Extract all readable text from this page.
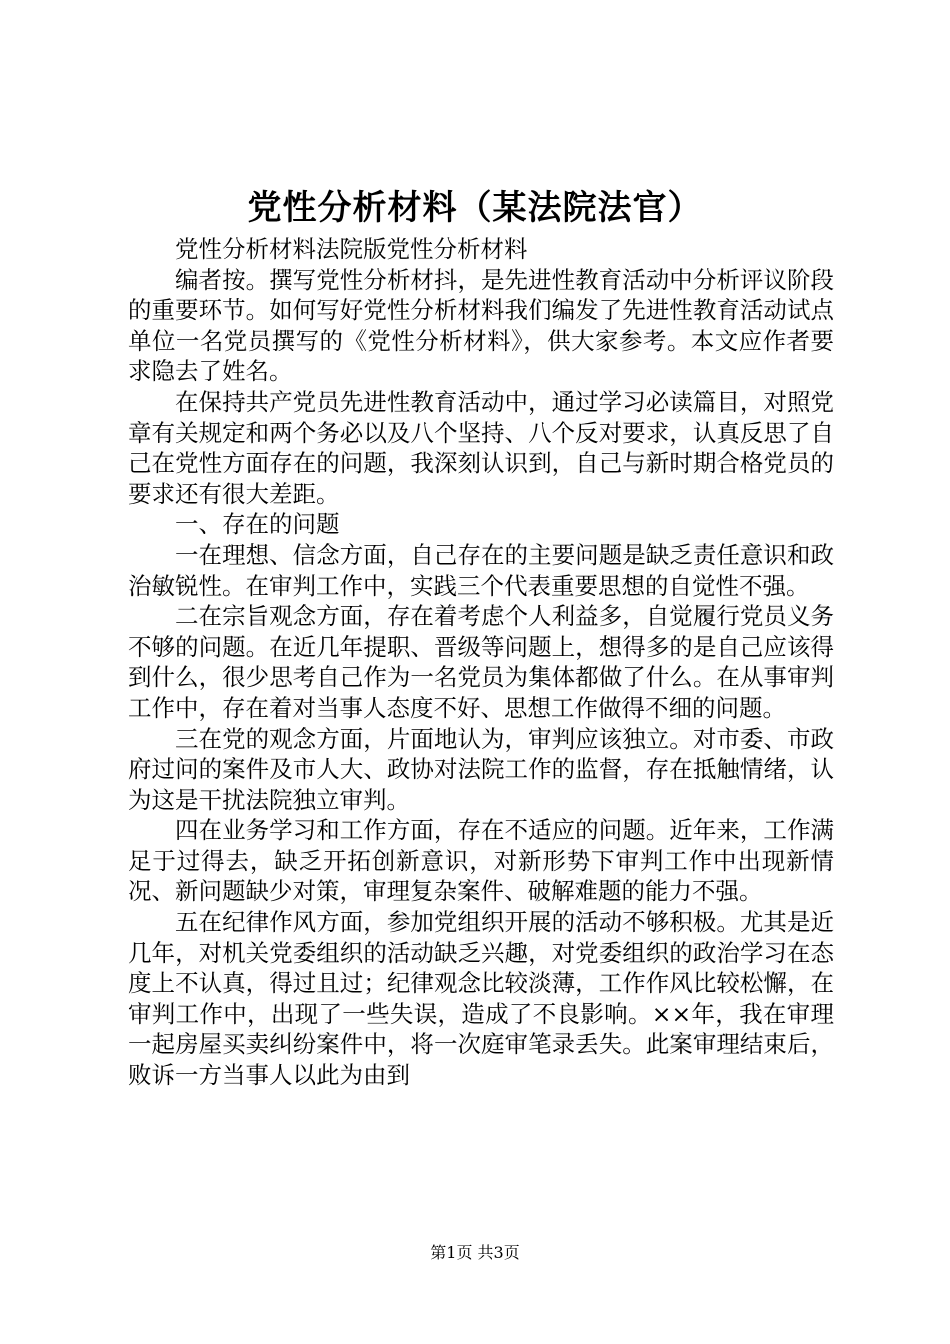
党性分析材料（某法院法官）

党性分析材料法院版党性分析材料

编者按。撰写党性分析材抖，是先进性教育活动中分析评议阶段的重要环节。如何写好党性分析材料我们编发了先进性教育活动试点单位一名党员撰写的《党性分析材料》，供大家参考。本文应作者要求隐去了姓名。

在保持共产党员先进性教育活动中，通过学习必读篇目，对照党章有关规定和两个务必以及八个坚持、八个反对要求，认真反思了自己在党性方面存在的问题，我深刻认识到，自己与新时期合格党员的要求还有很大差距。

一、存在的问题

一在理想、信念方面，自己存在的主要问题是缺乏责任意识和政治敏锐性。在审判工作中，实践三个代表重要思想的自觉性不强。

二在宗旨观念方面，存在着考虑个人利益多，自觉履行党员义务不够的问题。在近几年提职、晋级等问题上，想得多的是自己应该得到什么，很少思考自己作为一名党员为集体都做了什么。在从事审判工作中，存在着对当事人态度不好、思想工作做得不细的问题。

三在党的观念方面，片面地认为，审判应该独立。对市委、市政府过问的案件及市人大、政协对法院工作的监督，存在抵触情绪，认为这是干扰法院独立审判。

四在业务学习和工作方面，存在不适应的问题。近年来，工作满足于过得去，缺乏开拓创新意识，对新形势下审判工作中出现新情况、新问题缺少对策，审理复杂案件、破解难题的能力不强。

五在纪律作风方面，参加党组织开展的活动不够积极。尤其是近几年，对机关党委组织的活动缺乏兴趣，对党委组织的政治学习在态度上不认真，得过且过；纪律观念比较淡薄，工作作风比较松懈，在审判工作中，出现了一些失误，造成了不良影响。××年，我在审理一起房屋买卖纠纷案件中，将一次庭审笔录丢失。此案审理结束后，败诉一方当事人以此为由到

第1页 共3页
